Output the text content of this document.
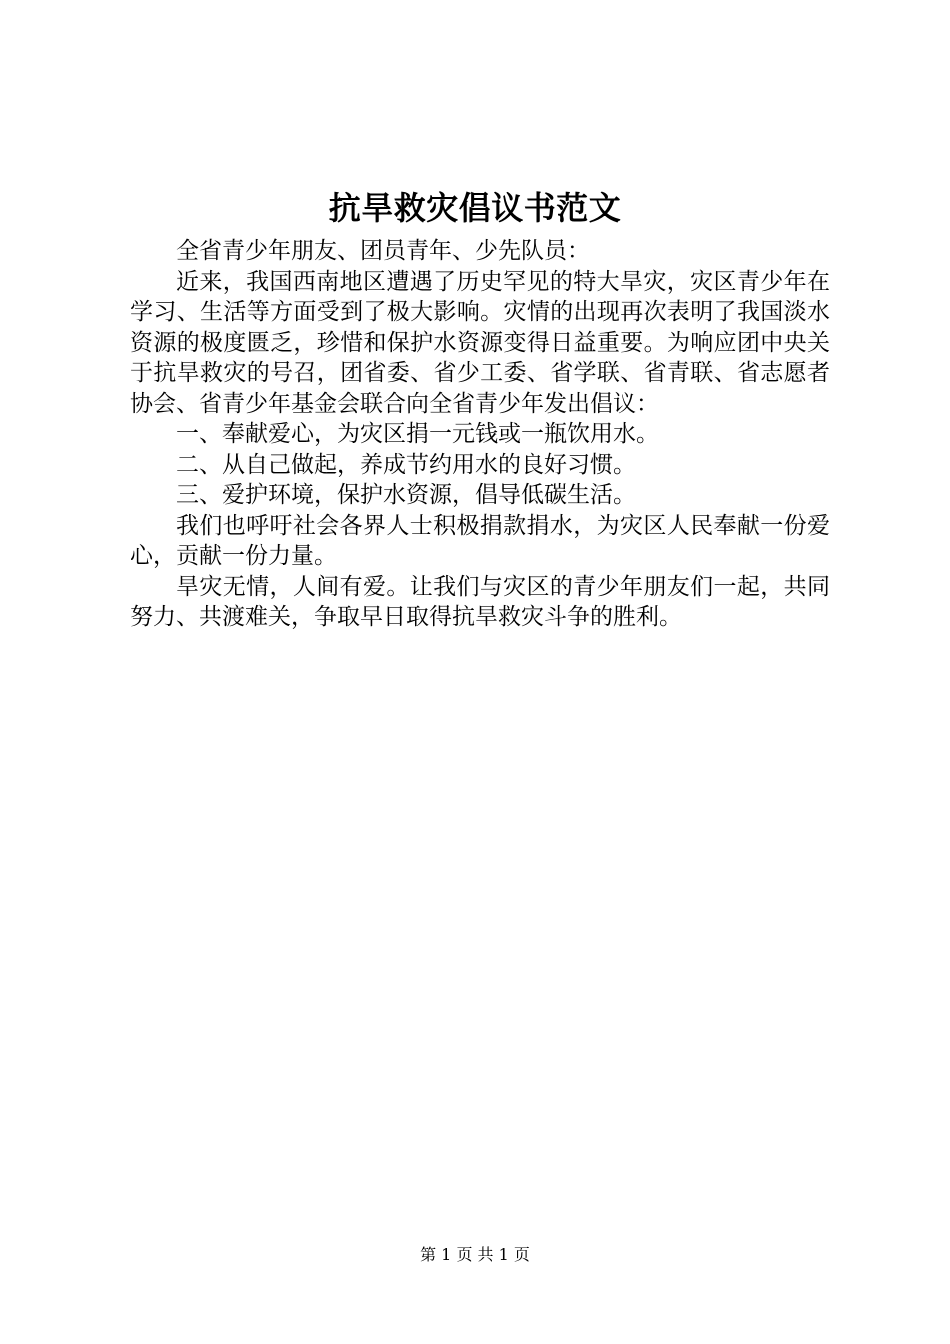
抗旱救灾倡议书范文

全省青少年朋友、团员青年、少先队员：

近来，我国西南地区遭遇了历史罕见的特大旱灾，灾区青少年在学习、生活等方面受到了极大影响。灾情的出现再次表明了我国淡水资源的极度匮乏，珍惜和保护水资源变得日益重要。为响应团中央关于抗旱救灾的号召，团省委、省少工委、省学联、省青联、省志愿者协会、省青少年基金会联合向全省青少年发出倡议：

一、奉献爱心，为灾区捐一元钱或一瓶饮用水。

二、从自己做起，养成节约用水的良好习惯。

三、爱护环境，保护水资源，倡导低碳生活。

我们也呼吁社会各界人士积极捐款捐水，为灾区人民奉献一份爱心，贡献一份力量。

旱灾无情，人间有爱。让我们与灾区的青少年朋友们一起，共同努力、共渡难关，争取早日取得抗旱救灾斗争的胜利。

第 1 页 共 1 页
